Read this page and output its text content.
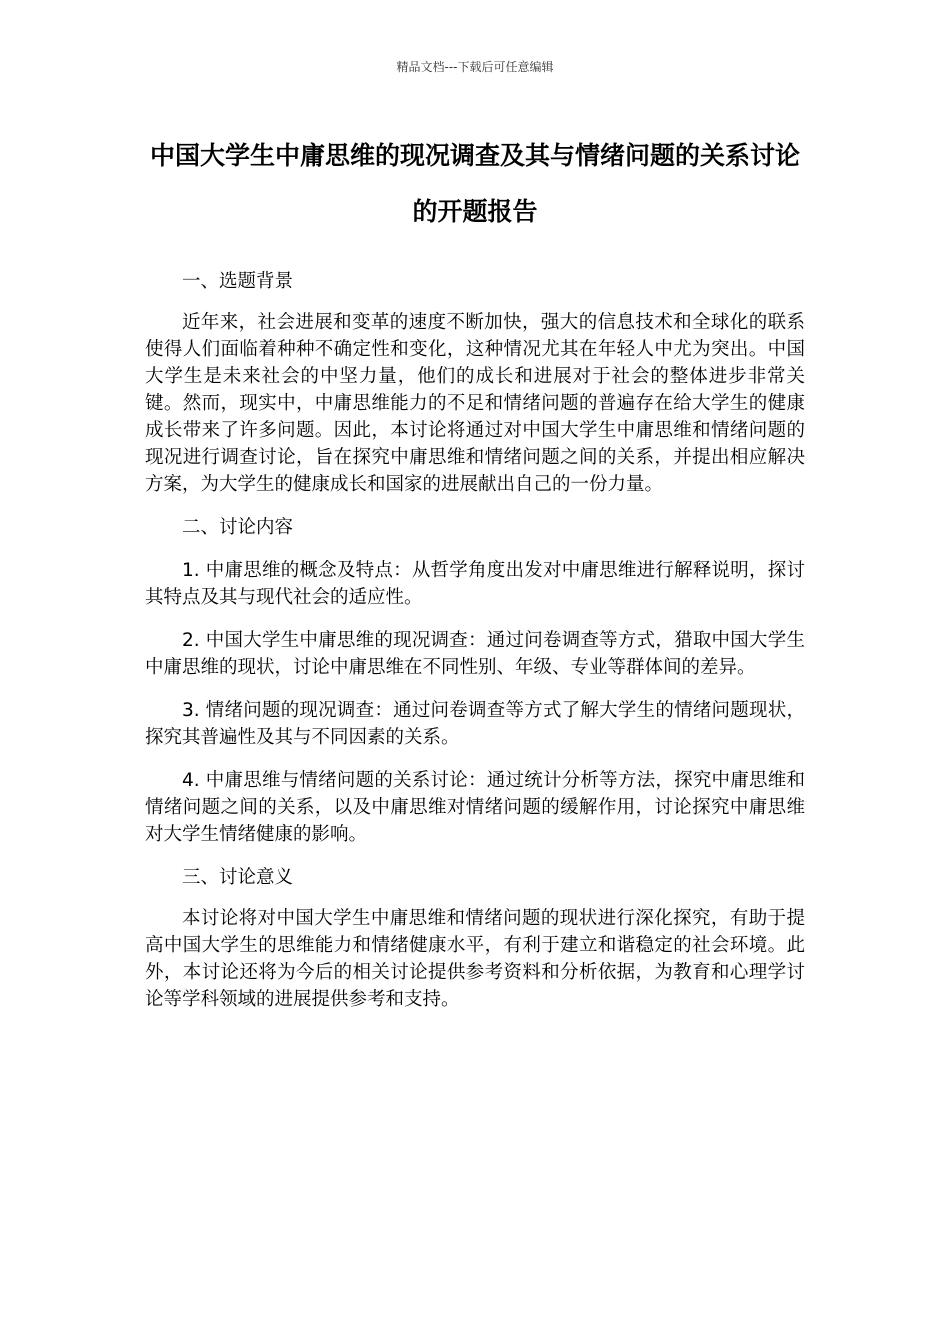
精品文档---下载后可任意编辑
中国大学生中庸思维的现况调查及其与情绪问题的关系讨论的开题报告

一、选题背景

近年来，社会进展和变革的速度不断加快，强大的信息技术和全球化的联系使得人们面临着种种不确定性和变化，这种情况尤其在年轻人中尤为突出。中国大学生是未来社会的中坚力量，他们的成长和进展对于社会的整体进步非常关键。然而，现实中，中庸思维能力的不足和情绪问题的普遍存在给大学生的健康成长带来了许多问题。因此，本讨论将通过对中国大学生中庸思维和情绪问题的现况进行调查讨论，旨在探究中庸思维和情绪问题之间的关系，并提出相应解决方案，为大学生的健康成长和国家的进展献出自己的一份力量。

二、讨论内容

1. 中庸思维的概念及特点：从哲学角度出发对中庸思维进行解释说明，探讨其特点及其与现代社会的适应性。

2. 中国大学生中庸思维的现况调查：通过问卷调查等方式，猎取中国大学生中庸思维的现状，讨论中庸思维在不同性别、年级、专业等群体间的差异。

3. 情绪问题的现况调查：通过问卷调查等方式了解大学生的情绪问题现状，探究其普遍性及其与不同因素的关系。

4. 中庸思维与情绪问题的关系讨论：通过统计分析等方法，探究中庸思维和情绪问题之间的关系，以及中庸思维对情绪问题的缓解作用，讨论探究中庸思维对大学生情绪健康的影响。

三、讨论意义

本讨论将对中国大学生中庸思维和情绪问题的现状进行深化探究，有助于提高中国大学生的思维能力和情绪健康水平，有利于建立和谐稳定的社会环境。此外，本讨论还将为今后的相关讨论提供参考资料和分析依据，为教育和心理学讨论等学科领域的进展提供参考和支持。
